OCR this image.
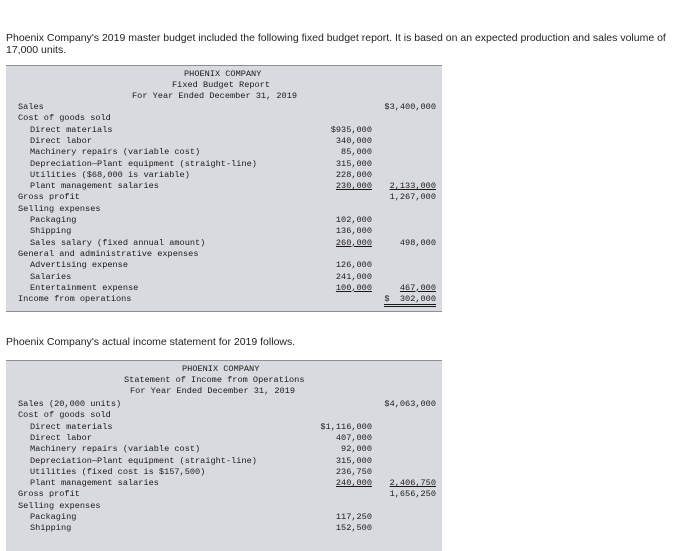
Phoenix Company's 2019 master budget included the following fixed budget report. It is based on an expected production and sales volume of 17,000 units.
PHOENIX COMPANY
Fixed Budget Report
For Year Ended December 31, 2019
Sales	$3,400,000
Cost of goods sold
Direct materials	$935,000
Direct labor	340,000
Machinery repairs (variable cost)	85,000
Depreciation—Plant equipment (straight-line)	315,000
Utilities ($68,000 is variable)	228,000
Plant management salaries	230,000 2,133,000
Gross profit	1,267,000
Selling expenses
Packaging	102,000
Shipping	136,000
Sales salary (fixed annual amount)	260,000	498,000
General and administrative expenses
Advertising expense	126,000
Salaries	241,000
Entertainment expense	100,000	467,000
Income from operations	$  302,000
Phoenix Company's actual income statement for 2019 follows.
PHOENIX COMPANY
Statement of Income from Operations
For Year Ended December 31, 2019
Sales (20,000 units)	$4,063,000
Cost of goods sold
Direct materials	$1,116,000
Direct labor	407,000
Machinery repairs (variable cost)	92,000
Depreciation—Plant equipment (straight-line)	315,000
Utilities (fixed cost is $157,500)	236,750
Plant management salaries	240,000 2,406,750
Gross profit	1,656,250
Selling expenses
Packaging	117,250
Shipping	152,500
